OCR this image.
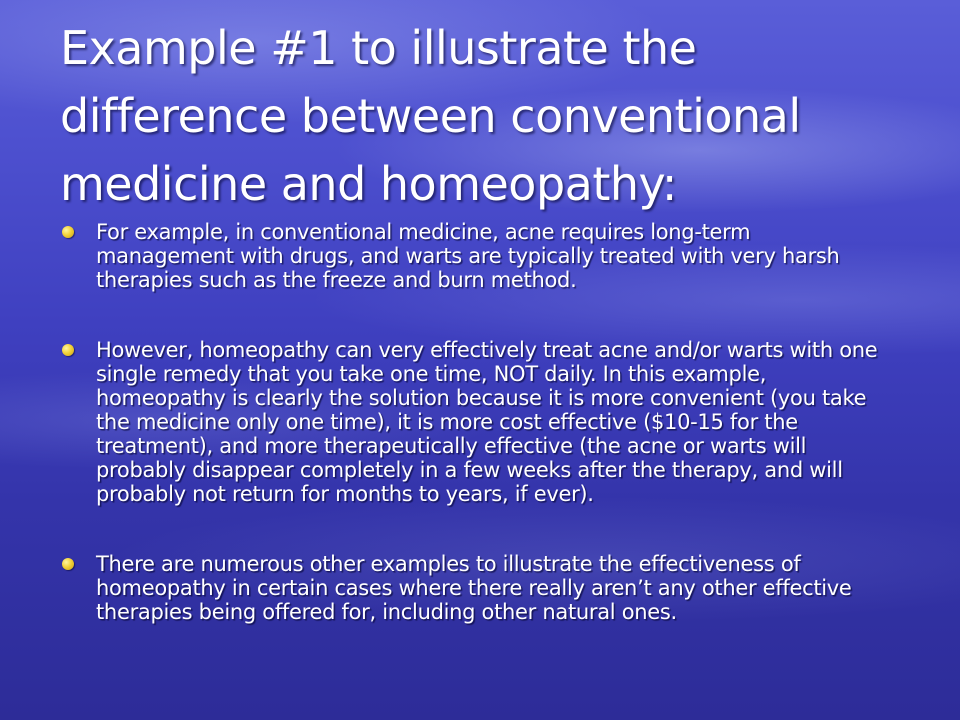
Example #1 to illustrate the difference between conventional medicine and homeopathy:
For example, in conventional medicine, acne requires long-term management with drugs, and warts are typically treated with very harsh therapies such as the freeze and burn method.
However, homeopathy can very effectively treat acne and/or warts with one single remedy that you take one time, NOT daily. In this example, homeopathy is clearly the solution because it is more convenient (you take the medicine only one time), it is more cost effective ($10-15 for the treatment), and more therapeutically effective (the acne or warts will probably disappear completely in a few weeks after the therapy, and will probably not return for months to years, if ever).
There are numerous other examples to illustrate the effectiveness of homeopathy in certain cases where there really aren’t any other effective therapies being offered for, including other natural ones.
